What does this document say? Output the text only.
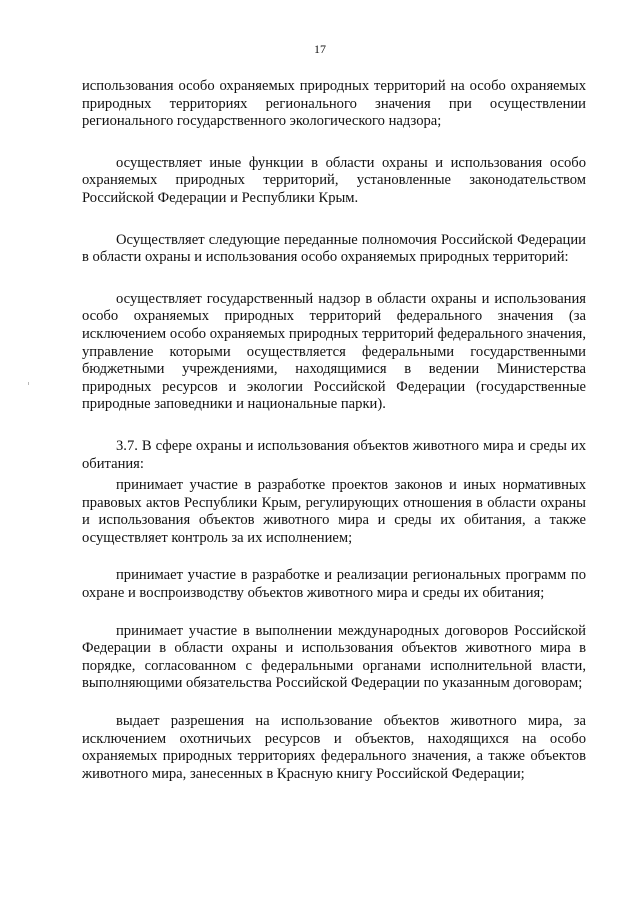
17

использования особо охраняемых природных территорий на особо охраняемых природных территориях регионального значения при осуществлении регионального государственного экологического надзора;

осуществляет иные функции в области охраны и использования особо охраняемых природных территорий, установленные законодательством Российской Федерации и Республики Крым.

Осуществляет следующие переданные полномочия Российской Федерации в области охраны и использования особо охраняемых природных территорий:

осуществляет государственный надзор в области охраны и использования особо охраняемых природных территорий федерального значения (за исключением особо охраняемых природных территорий федерального значения, управление которыми осуществляется федеральными государственными бюджетными учреждениями, находящимися в ведении Министерства природных ресурсов и экологии Российской Федерации (государственные природные заповедники и национальные парки).

3.7. В сфере охраны и использования объектов животного мира и среды их обитания:

принимает участие в разработке проектов законов и иных нормативных правовых актов Республики Крым, регулирующих отношения в области охраны и использования объектов животного мира и среды их обитания, а также осуществляет контроль за их исполнением;

принимает участие в разработке и реализации региональных программ по охране и воспроизводству объектов животного мира и среды их обитания;

принимает участие в выполнении международных договоров Российской Федерации в области охраны и использования объектов животного мира в порядке, согласованном с федеральными органами исполнительной власти, выполняющими обязательства Российской Федерации по указанным договорам;

выдает разрешения на использование объектов животного мира, за исключением охотничьих ресурсов и объектов, находящихся на особо охраняемых природных территориях федерального значения, а также объектов животного мира, занесенных в Красную книгу Российской Федерации;
